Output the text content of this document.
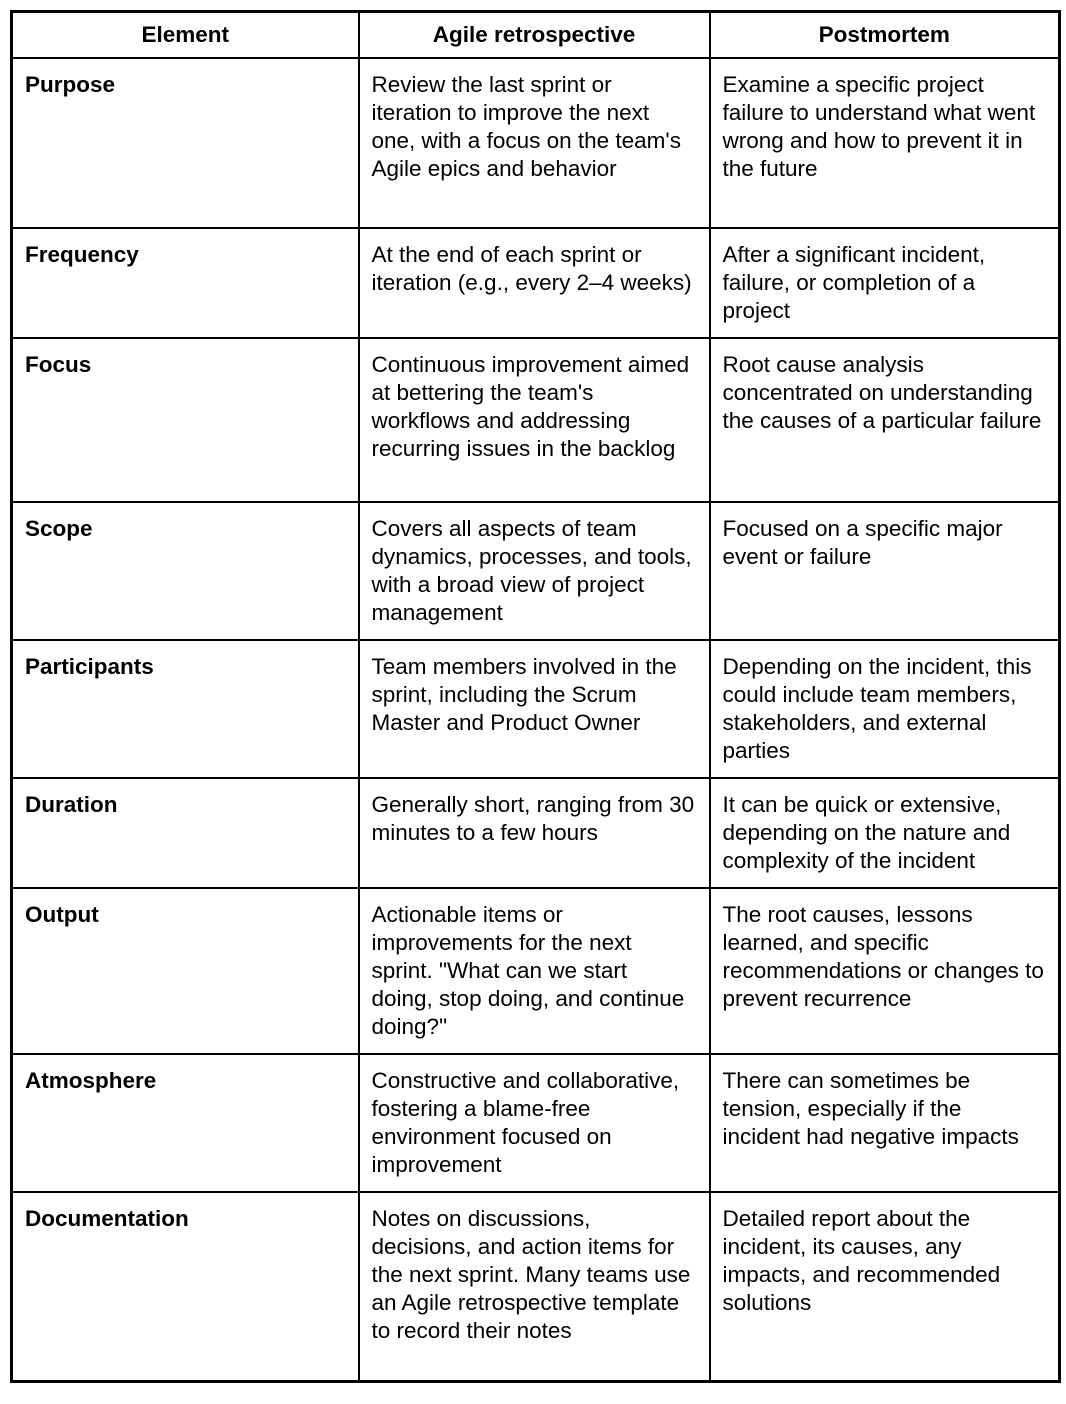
Element	Agile retrospective	Postmortem
Purpose	Review the last sprint or iteration to improve the next one, with a focus on the team's Agile epics and behavior	Examine a specific project failure to understand what went wrong and how to prevent it in the future
Frequency	At the end of each sprint or iteration (e.g., every 2–4 weeks)	After a significant incident, failure, or completion of a project
Focus	Continuous improvement aimed at bettering the team's workflows and addressing recurring issues in the backlog	Root cause analysis concentrated on understanding the causes of a particular failure
Scope	Covers all aspects of team dynamics, processes, and tools, with a broad view of project management	Focused on a specific major event or failure
Participants	Team members involved in the sprint, including the Scrum Master and Product Owner	Depending on the incident, this could include team members, stakeholders, and external parties
Duration	Generally short, ranging from 30 minutes to a few hours	It can be quick or extensive, depending on the nature and complexity of the incident
Output	Actionable items or improvements for the next sprint. "What can we start doing, stop doing, and continue doing?"	The root causes, lessons learned, and specific recommendations or changes to prevent recurrence
Atmosphere	Constructive and collaborative, fostering a blame-free environment focused on improvement	There can sometimes be tension, especially if the incident had negative impacts
Documentation	Notes on discussions, decisions, and action items for the next sprint. Many teams use an Agile retrospective template to record their notes	Detailed report about the incident, its causes, any impacts, and recommended solutions
